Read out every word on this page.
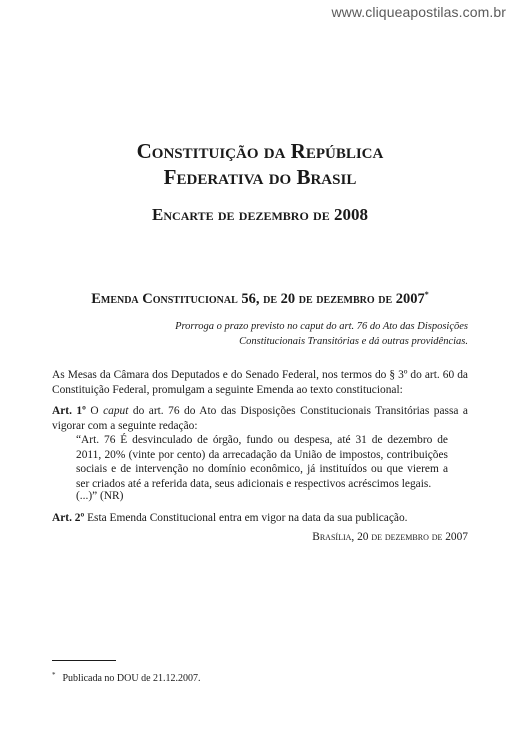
www.cliqueapostilas.com.br
Constituição da República
Federativa do Brasil
Encarte de dezembro de 2008
Emenda Constitucional 56, de 20 de dezembro de 2007*
Prorroga o prazo previsto no caput do art. 76 do Ato das Disposições
Constitucionais Transitórias e dá outras providências.
As Mesas da Câmara dos Deputados e do Senado Federal, nos termos do § 3º do art. 60 da Constituição Federal, promulgam a seguinte Emenda ao texto constitucional:
Art. 1º O caput do art. 76 do Ato das Disposições Constitucionais Transitórias passa a vigorar com a seguinte redação:
“Art. 76 É desvinculado de órgão, fundo ou despesa, até 31 de dezembro de 2011, 20% (vinte por cento) da arrecadação da União de impostos, contribuições sociais e de intervenção no domínio econômico, já instituídos ou que vierem a ser criados até a referida data, seus adicionais e respectivos acréscimos legais.
(...)” (NR)
Art. 2º Esta Emenda Constitucional entra em vigor na data da sua publicação.
Brasília, 20 de dezembro de 2007
* Publicada no DOU de 21.12.2007.
